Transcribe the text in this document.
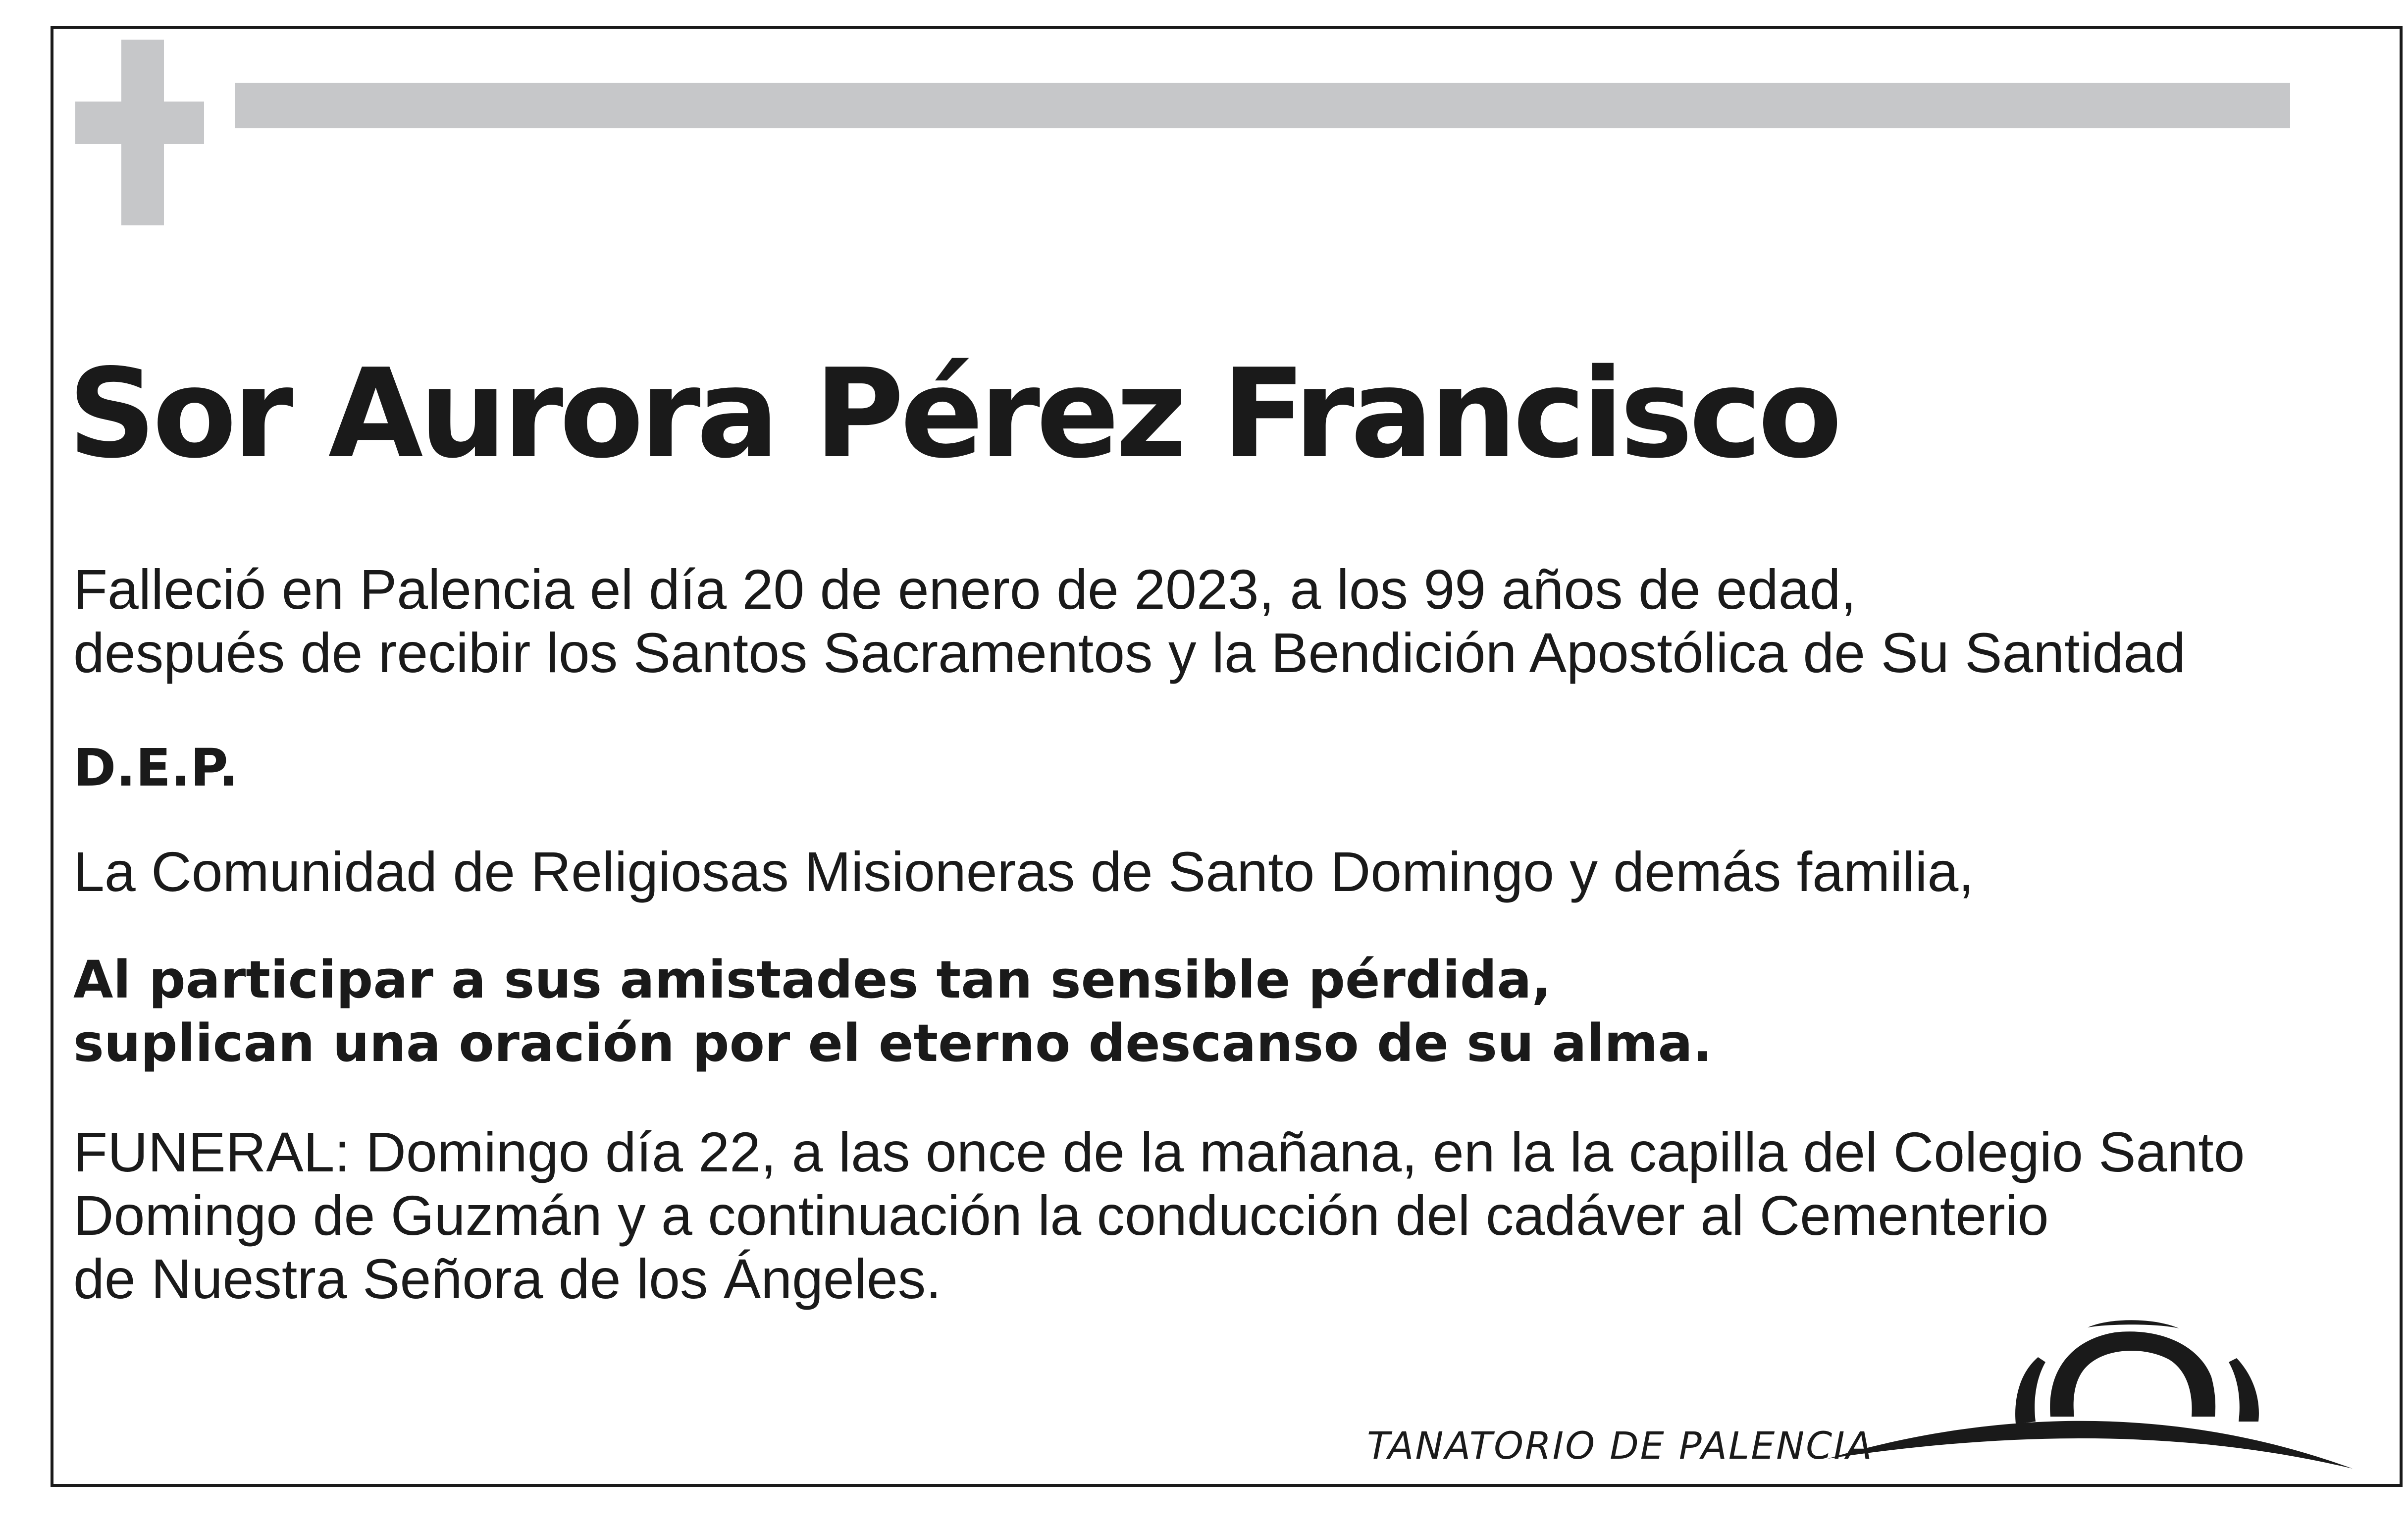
Sor Aurora Pérez Francisco

Falleció en Palencia el día 20 de enero de 2023, a los 99 años de edad,
después de recibir los Santos Sacramentos y la Bendición Apostólica de Su Santidad

D.E.P.

La Comunidad de Religiosas Misioneras de Santo Domingo y demás familia,

Al participar a sus amistades tan sensible pérdida,
suplican una oración por el eterno descanso de su alma.

FUNERAL: Domingo día 22, a las once de la mañana, en la la capilla del Colegio Santo
Domingo de Guzmán y a continuación la conducción del cadáver al Cementerio
de Nuestra Señora de los Ángeles.

TANATORIO DE PALENCIA
